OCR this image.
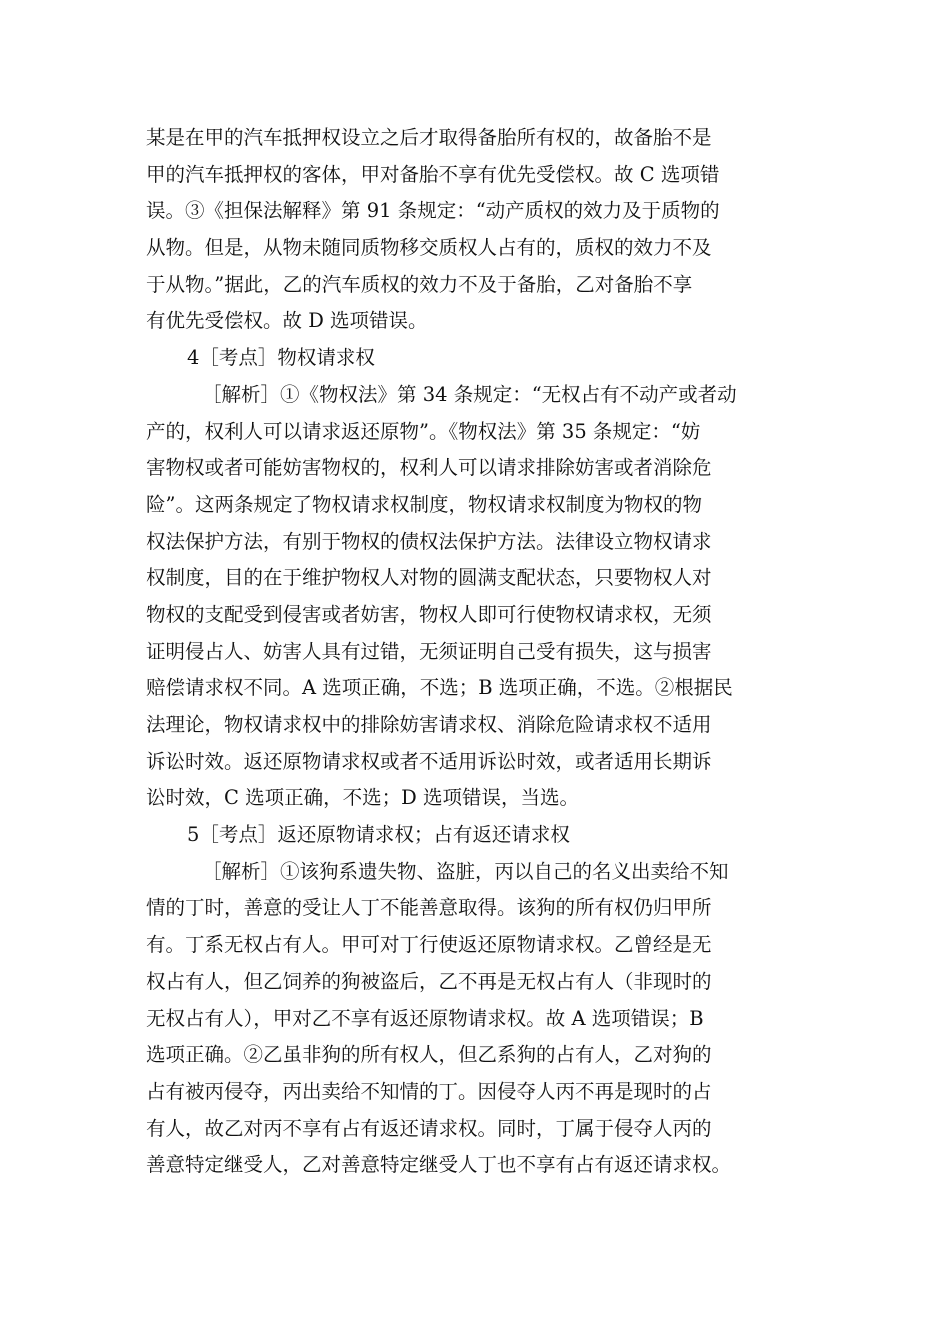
某是在甲的汽车抵押权设立之后才取得备胎所有权的，故备胎不是
甲的汽车抵押权的客体，甲对备胎不享有优先受偿权。故 C 选项错
误。③《担保法解释》第 91 条规定：“动产质权的效力及于质物的
从物。但是，从物未随同质物移交质权人占有的，质权的效力不及
于从物。”据此，乙的汽车质权的效力不及于备胎，乙对备胎不享
有优先受偿权。故 D 选项错误。
4［考点］物权请求权
［解析］①《物权法》第 34 条规定：“无权占有不动产或者动
产的，权利人可以请求返还原物”。《物权法》第 35 条规定：“妨
害物权或者可能妨害物权的，权利人可以请求排除妨害或者消除危
险”。这两条规定了物权请求权制度，物权请求权制度为物权的物
权法保护方法，有别于物权的债权法保护方法。法律设立物权请求
权制度，目的在于维护物权人对物的圆满支配状态，只要物权人对
物权的支配受到侵害或者妨害，物权人即可行使物权请求权，无须
证明侵占人、妨害人具有过错，无须证明自己受有损失，这与损害
赔偿请求权不同。A 选项正确，不选；B 选项正确，不选。②根据民
法理论，物权请求权中的排除妨害请求权、消除危险请求权不适用
诉讼时效。返还原物请求权或者不适用诉讼时效，或者适用长期诉
讼时效，C 选项正确，不选；D 选项错误，当选。
5［考点］返还原物请求权；占有返还请求权
［解析］①该狗系遗失物、盗脏，丙以自己的名义出卖给不知
情的丁时，善意的受让人丁不能善意取得。该狗的所有权仍归甲所
有。丁系无权占有人。甲可对丁行使返还原物请求权。乙曾经是无
权占有人，但乙饲养的狗被盗后，乙不再是无权占有人（非现时的
无权占有人），甲对乙不享有返还原物请求权。故 A 选项错误；B
选项正确。②乙虽非狗的所有权人，但乙系狗的占有人，乙对狗的
占有被丙侵夺，丙出卖给不知情的丁。因侵夺人丙不再是现时的占
有人，故乙对丙不享有占有返还请求权。同时，丁属于侵夺人丙的
善意特定继受人，乙对善意特定继受人丁也不享有占有返还请求权。
